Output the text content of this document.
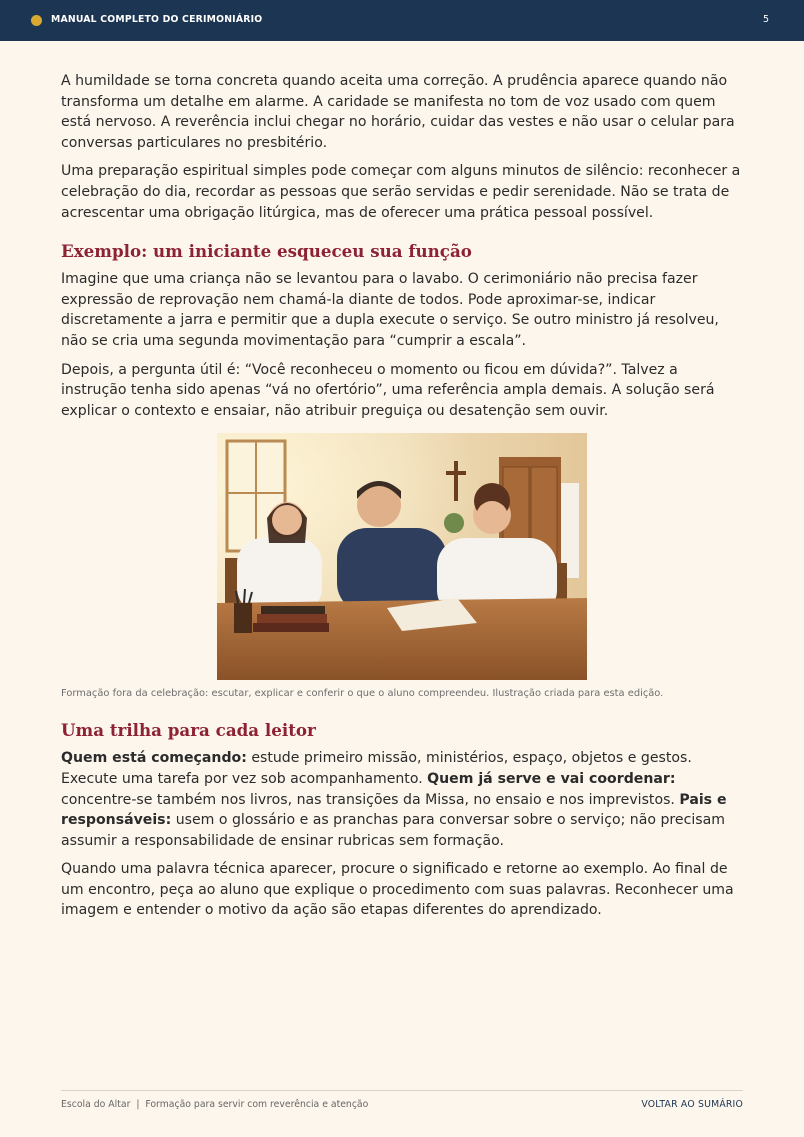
MANUAL COMPLETO DO CERIMONIÁRIO	5

A humildade se torna concreta quando aceita uma correção. A prudência aparece quando não transforma um detalhe em alarme. A caridade se manifesta no tom de voz usado com quem está nervoso. A reverência inclui chegar no horário, cuidar das vestes e não usar o celular para conversas particulares no presbitério.

Uma preparação espiritual simples pode começar com alguns minutos de silêncio: reconhecer a celebração do dia, recordar as pessoas que serão servidas e pedir serenidade. Não se trata de acrescentar uma obrigação litúrgica, mas de oferecer uma prática pessoal possível.

Exemplo: um iniciante esqueceu sua função

Imagine que uma criança não se levantou para o lavabo. O cerimoniário não precisa fazer expressão de reprovação nem chamá-la diante de todos. Pode aproximar-se, indicar discretamente a jarra e permitir que a dupla execute o serviço. Se outro ministro já resolveu, não se cria uma segunda movimentação para “cumprir a escala”.

Depois, a pergunta útil é: “Você reconheceu o momento ou ficou em dúvida?”. Talvez a instrução tenha sido apenas “vá no ofertório”, uma referência ampla demais. A solução será explicar o contexto e ensaiar, não atribuir preguiça ou desatenção sem ouvir.

Formação fora da celebração: escutar, explicar e conferir o que o aluno compreendeu. Ilustração criada para esta edição.

Uma trilha para cada leitor

Quem está começando: estude primeiro missão, ministérios, espaço, objetos e gestos. Execute uma tarefa por vez sob acompanhamento. Quem já serve e vai coordenar: concentre-se também nos livros, nas transições da Missa, no ensaio e nos imprevistos. Pais e responsáveis: usem o glossário e as pranchas para conversar sobre o serviço; não precisam assumir a responsabilidade de ensinar rubricas sem formação.

Quando uma palavra técnica aparecer, procure o significado e retorne ao exemplo. Ao final de um encontro, peça ao aluno que explique o procedimento com suas palavras. Reconhecer uma imagem e entender o motivo da ação são etapas diferentes do aprendizado.

Escola do Altar  |  Formação para servir com reverência e atenção	VOLTAR AO SUMÁRIO
